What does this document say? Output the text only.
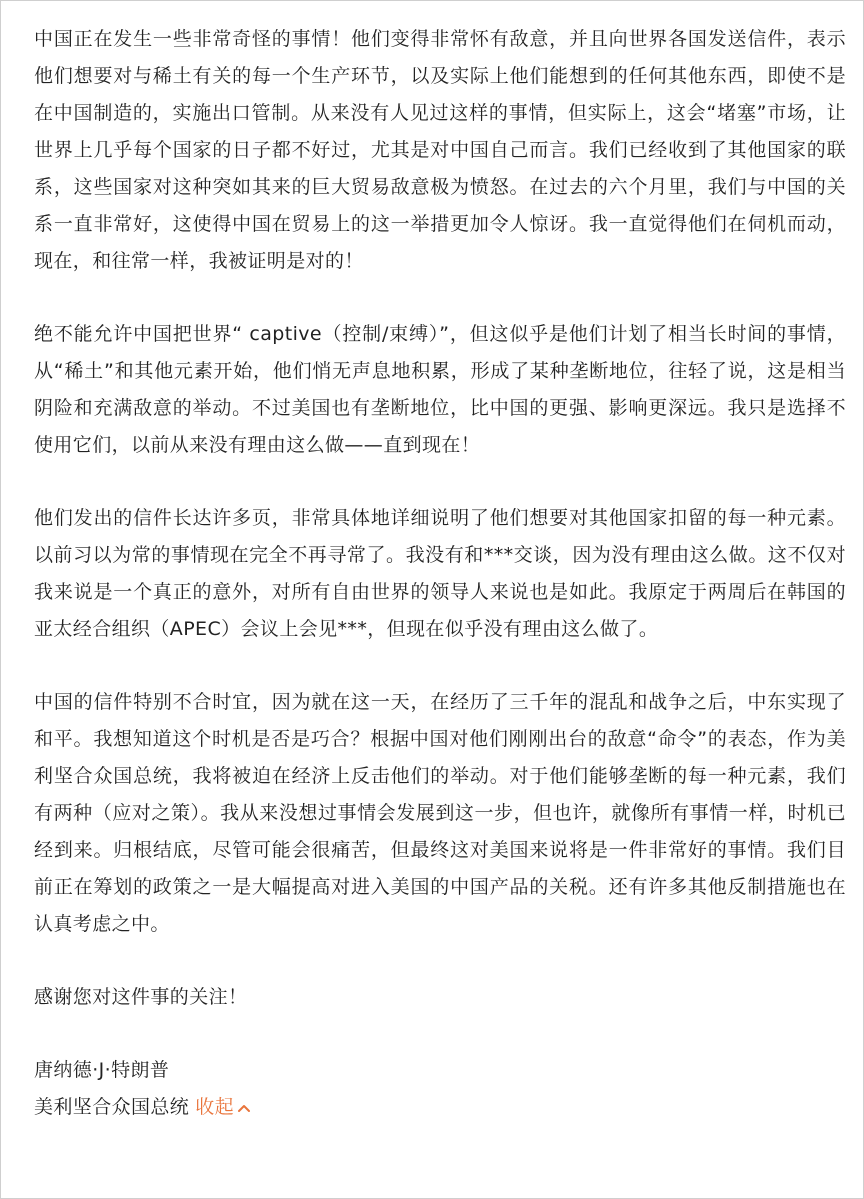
中国正在发生一些非常奇怪的事情！他们变得非常怀有敌意，并且向世界各国发送信件，表示他们想要对与稀土有关的每一个生产环节，以及实际上他们能想到的任何其他东西，即使不是在中国制造的，实施出口管制。从来没有人见过这样的事情，但实际上，这会“堵塞”市场，让世界上几乎每个国家的日子都不好过，尤其是对中国自己而言。我们已经收到了其他国家的联系，这些国家对这种突如其来的巨大贸易敌意极为愤怒。在过去的六个月里，我们与中国的关系一直非常好，这使得中国在贸易上的这一举措更加令人惊讶。我一直觉得他们在伺机而动，现在，和往常一样，我被证明是对的！

绝不能允许中国把世界“ captive（控制/束缚）”，但这似乎是他们计划了相当长时间的事情，从“稀土”和其他元素开始，他们悄无声息地积累，形成了某种垄断地位，往轻了说，这是相当阴险和充满敌意的举动。不过美国也有垄断地位，比中国的更强、影响更深远。我只是选择不使用它们，以前从来没有理由这么做——直到现在！

他们发出的信件长达许多页，非常具体地详细说明了他们想要对其他国家扣留的每一种元素。以前习以为常的事情现在完全不再寻常了。我没有和***交谈，因为没有理由这么做。这不仅对我来说是一个真正的意外，对所有自由世界的领导人来说也是如此。我原定于两周后在韩国的亚太经合组织（APEC）会议上会见***，但现在似乎没有理由这么做了。

中国的信件特别不合时宜，因为就在这一天，在经历了三千年的混乱和战争之后，中东实现了和平。我想知道这个时机是否是巧合？根据中国对他们刚刚出台的敌意“命令”的表态，作为美利坚合众国总统，我将被迫在经济上反击他们的举动。对于他们能够垄断的每一种元素，我们有两种（应对之策）。我从来没想过事情会发展到这一步，但也许，就像所有事情一样，时机已经到来。归根结底，尽管可能会很痛苦，但最终这对美国来说将是一件非常好的事情。我们目前正在筹划的政策之一是大幅提高对进入美国的中国产品的关税。还有许多其他反制措施也在认真考虑之中。

感谢您对这件事的关注！

唐纳德·J·特朗普

美利坚合众国总统 收起
